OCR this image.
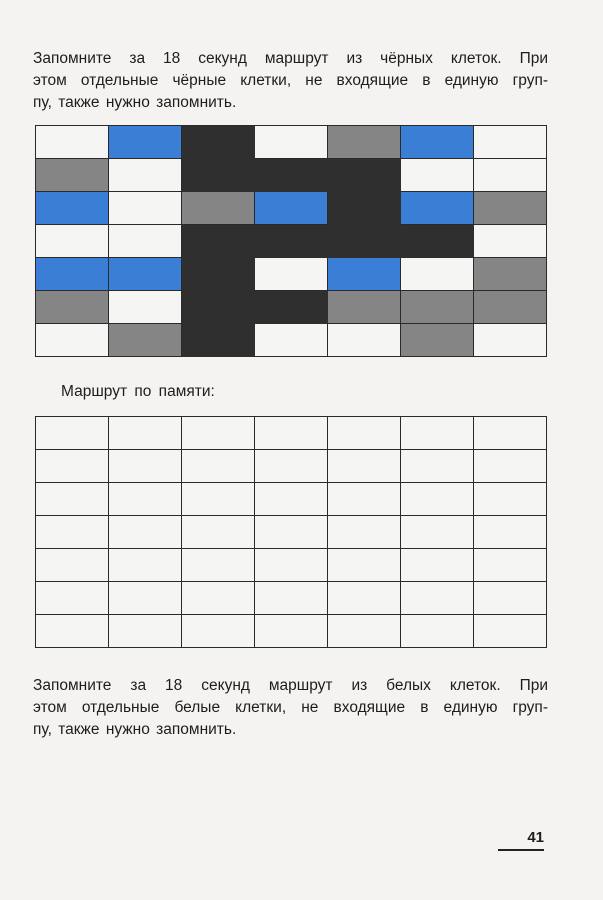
Запомните за 18 секунд маршрут из чёрных клеток. При
этом отдельные чёрные клетки, не входящие в единую груп-
пу, также нужно запомнить.

Маршрут по памяти:

Запомните за 18 секунд маршрут из белых клеток. При
этом отдельные белые клетки, не входящие в единую груп-
пу, также нужно запомнить.

41
